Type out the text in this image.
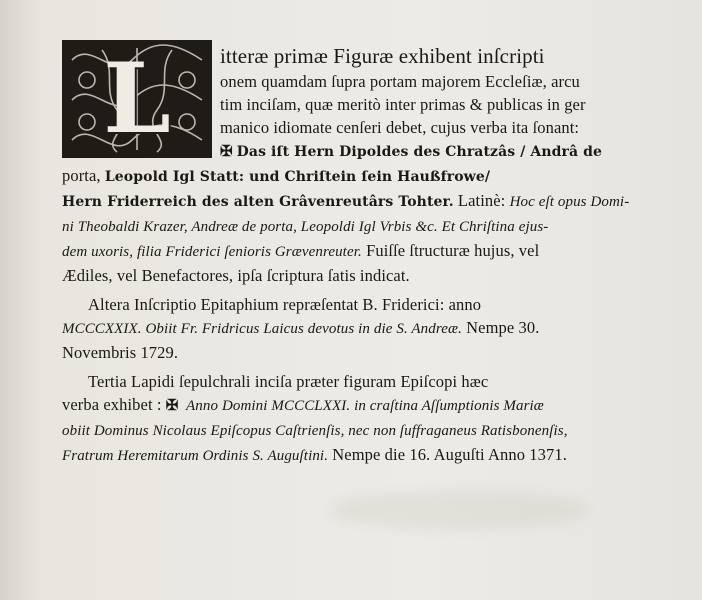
L itteræ primæ Figuræ exhibent inſcripti
onem quamdam ſupra portam majorem Eccleſiæ, arcu
tim inciſam, quæ meritò inter primas & publicas in ger
manico idiomate cenſeri debet, cujus verba ita ſonant:
✠ Das iſt Hern Dipoldes des Chratzâs / Andrâ de
porta, Leopold Igl Statt: und Chriſtein ſein Haußfrowe/
Hern Friderreich des alten Grâvenreutârs Tohter. Latinè: Hoc eſt opus Domi-
ni Theobaldi Krazer, Andreæ de porta, Leopoldi Igl Vrbis &c. Et Chriſtina ejus-
dem uxoris, filia Friderici ſenioris Grævenreuter. Fuiſſe ſtructuræ hujus, vel
Ædiles, vel Benefactores, ipſa ſcriptura ſatis indicat.
Altera Inſcriptio Epitaphium repræſentat B. Friderici: anno
MCCCXXIX. Obiit Fr. Fridricus Laicus devotus in die S. Andreæ. Nempe 30.
Novembris 1729.
Tertia Lapidi ſepulchrali inciſa præter figuram Epiſcopi hæc
verba exhibet : ✠ Anno Domini MCCCLXXI. in craſtina Aſſumptionis Mariæ
obiit Dominus Nicolaus Epiſcopus Caſtrienſis, nec non ſuffraganeus Ratisbonenſis,
Fratrum Heremitarum Ordinis S. Auguſtini. Nempe die 16. Auguſti Anno 1371.
